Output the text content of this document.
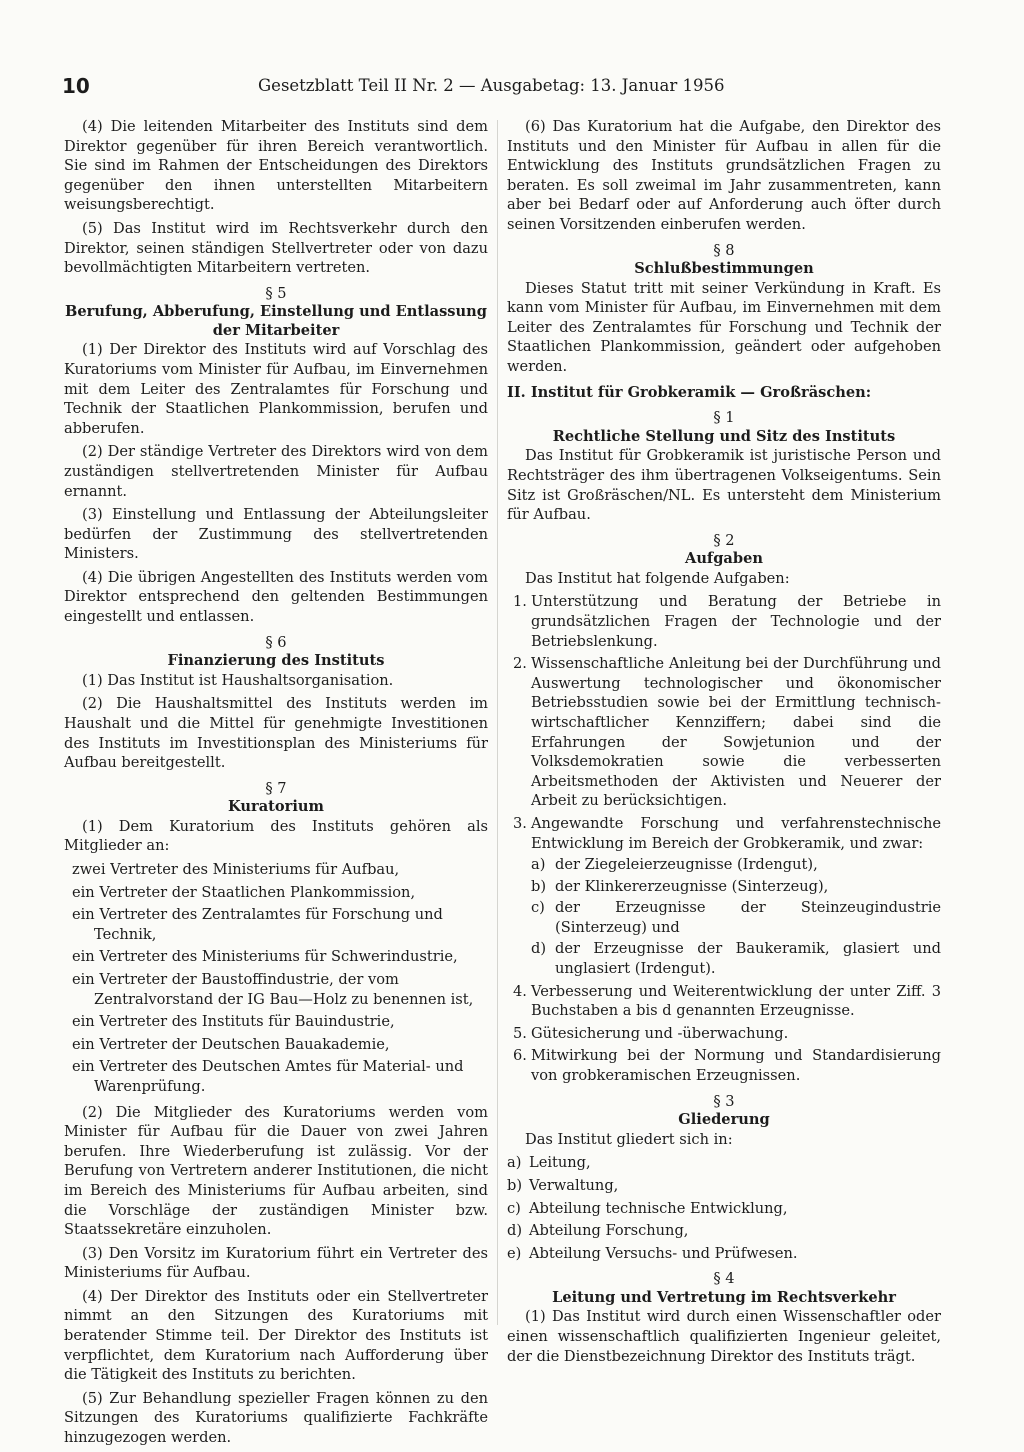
10	Gesetzblatt Teil II Nr. 2 — Ausgabetag: 13. Januar 1956

(4) Die leitenden Mitarbeiter des Instituts sind dem Direktor gegenüber für ihren Bereich verantwortlich. Sie sind im Rahmen der Entscheidungen des Direktors gegenüber den ihnen unterstellten Mitarbeitern weisungsberechtigt.

(5) Das Institut wird im Rechtsverkehr durch den Direktor, seinen ständigen Stellvertreter oder von dazu bevollmächtigten Mitarbeitern vertreten.

§ 5
Berufung, Abberufung, Einstellung und Entlassung der Mitarbeiter

(1) Der Direktor des Instituts wird auf Vorschlag des Kuratoriums vom Minister für Aufbau, im Einvernehmen mit dem Leiter des Zentralamtes für Forschung und Technik der Staatlichen Plankommission, berufen und abberufen.

(2) Der ständige Vertreter des Direktors wird von dem zuständigen stellvertretenden Minister für Aufbau ernannt.

(3) Einstellung und Entlassung der Abteilungsleiter bedürfen der Zustimmung des stellvertretenden Ministers.

(4) Die übrigen Angestellten des Instituts werden vom Direktor entsprechend den geltenden Bestimmungen eingestellt und entlassen.

§ 6
Finanzierung des Instituts

(1) Das Institut ist Haushaltsorganisation.

(2) Die Haushaltsmittel des Instituts werden im Haushalt und die Mittel für genehmigte Investitionen des Instituts im Investitionsplan des Ministeriums für Aufbau bereitgestellt.

§ 7
Kuratorium

(1) Dem Kuratorium des Instituts gehören als Mitglieder an:

zwei Vertreter des Ministeriums für Aufbau,
ein Vertreter der Staatlichen Plankommission,
ein Vertreter des Zentralamtes für Forschung und Technik,
ein Vertreter des Ministeriums für Schwerindustrie,
ein Vertreter der Baustoffindustrie, der vom Zentralvorstand der IG Bau—Holz zu benennen ist,
ein Vertreter des Instituts für Bauindustrie,
ein Vertreter der Deutschen Bauakademie,
ein Vertreter des Deutschen Amtes für Material- und Warenprüfung.

(2) Die Mitglieder des Kuratoriums werden vom Minister für Aufbau für die Dauer von zwei Jahren berufen. Ihre Wiederberufung ist zulässig. Vor der Berufung von Vertretern anderer Institutionen, die nicht im Bereich des Ministeriums für Aufbau arbeiten, sind die Vorschläge der zuständigen Minister bzw. Staatssekretäre einzuholen.

(3) Den Vorsitz im Kuratorium führt ein Vertreter des Ministeriums für Aufbau.

(4) Der Direktor des Instituts oder ein Stellvertreter nimmt an den Sitzungen des Kuratoriums mit beratender Stimme teil. Der Direktor des Instituts ist verpflichtet, dem Kuratorium nach Aufforderung über die Tätigkeit des Instituts zu berichten.

(5) Zur Behandlung spezieller Fragen können zu den Sitzungen des Kuratoriums qualifizierte Fachkräfte hinzugezogen werden.

(6) Das Kuratorium hat die Aufgabe, den Direktor des Instituts und den Minister für Aufbau in allen für die Entwicklung des Instituts grundsätzlichen Fragen zu beraten. Es soll zweimal im Jahr zusammentreten, kann aber bei Bedarf oder auf Anforderung auch öfter durch seinen Vorsitzenden einberufen werden.

§ 8
Schlußbestimmungen

Dieses Statut tritt mit seiner Verkündung in Kraft. Es kann vom Minister für Aufbau, im Einvernehmen mit dem Leiter des Zentralamtes für Forschung und Technik der Staatlichen Plankommission, geändert oder aufgehoben werden.

II. Institut für Grobkeramik — Großräschen:
§ 1
Rechtliche Stellung und Sitz des Instituts

Das Institut für Grobkeramik ist juristische Person und Rechtsträger des ihm übertragenen Volkseigentums. Sein Sitz ist Großräschen/NL. Es untersteht dem Ministerium für Aufbau.

§ 2
Aufgaben

Das Institut hat folgende Aufgaben:

1. Unterstützung und Beratung der Betriebe in grundsätzlichen Fragen der Technologie und der Betriebslenkung.
2. Wissenschaftliche Anleitung bei der Durchführung und Auswertung technologischer und ökonomischer Betriebsstudien sowie bei der Ermittlung technisch-wirtschaftlicher Kennziffern; dabei sind die Erfahrungen der Sowjetunion und der Volksdemokratien sowie die verbesserten Arbeitsmethoden der Aktivisten und Neuerer der Arbeit zu berücksichtigen.
3. Angewandte Forschung und verfahrenstechnische Entwicklung im Bereich der Grobkeramik, und zwar:
a) der Ziegeleierzeugnisse (Irdengut),
b) der Klinkererzeugnisse (Sinterzeug),
c) der Erzeugnisse der Steinzeugindustrie (Sinterzeug) und
d) der Erzeugnisse der Baukeramik, glasiert und unglasiert (Irdengut).
4. Verbesserung und Weiterentwicklung der unter Ziff. 3 Buchstaben a bis d genannten Erzeugnisse.
5. Gütesicherung und -überwachung.
6. Mitwirkung bei der Normung und Standardisierung von grobkeramischen Erzeugnissen.
§ 3
Gliederung

Das Institut gliedert sich in:

a) Leitung,
b) Verwaltung,
c) Abteilung technische Entwicklung,
d) Abteilung Forschung,
e) Abteilung Versuchs- und Prüfwesen.
§ 4
Leitung und Vertretung im Rechtsverkehr

(1) Das Institut wird durch einen Wissenschaftler oder einen wissenschaftlich qualifizierten Ingenieur geleitet, der die Dienstbezeichnung Direktor des Instituts trägt.
